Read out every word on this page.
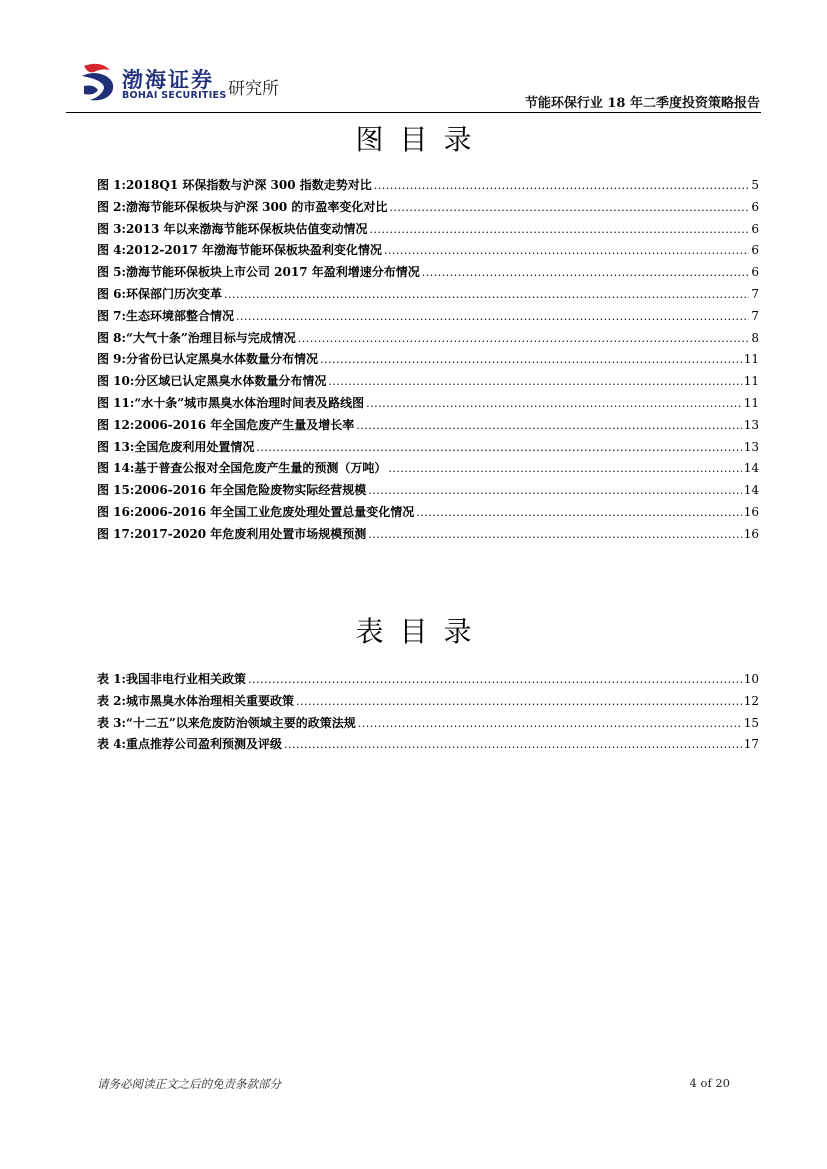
渤海证券
BOHAI SECURITIES 研究所
节能环保行业 18 年二季度投资策略报告
图目录
图 1: 2018Q1 环保指数与沪深 300 指数走势对比 .....	5
图 2: 渤海节能环保板块与沪深 300 的市盈率变化对比 .....	6
图 3: 2013 年以来渤海节能环保板块估值变动情况 .....	6
图 4: 2012-2017 年渤海节能环保板块盈利变化情况 .....	6
图 5: 渤海节能环保板块上市公司 2017 年盈利增速分布情况 .....	6
图 6: 环保部门历次变革 .....	7
图 7: 生态环境部整合情况 .....	7
图 8: “大气十条”治理目标与完成情况 .....	8
图 9: 分省份已认定黑臭水体数量分布情况 .....	11
图 10: 分区域已认定黑臭水体数量分布情况 .....	11
图 11: “水十条”城市黑臭水体治理时间表及路线图 .....	11
图 12: 2006-2016 年全国危废产生量及增长率 .....	13
图 13: 全国危废利用处置情况 .....	13
图 14: 基于普查公报对全国危废产生量的预测（万吨） .....	14
图 15: 2006-2016 年全国危险废物实际经营规模 .....	14
图 16: 2006-2016 年全国工业危废处理处置总量变化情况 .....	16
图 17: 2017-2020 年危废利用处置市场规模预测 .....	16
表目录
表 1: 我国非电行业相关政策 .....	10
表 2: 城市黑臭水体治理相关重要政策 .....	12
表 3: “十二五”以来危废防治领域主要的政策法规 .....	15
表 4: 重点推荐公司盈利预测及评级 .....	17
请务必阅读正文之后的免责条款部分	4 of 20
